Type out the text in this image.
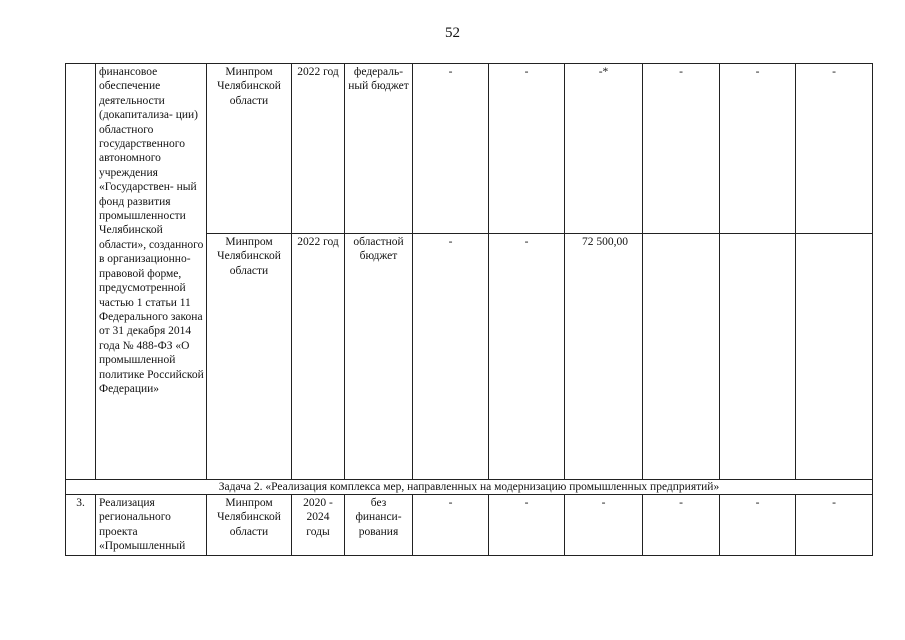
52
	финансовое обеспечение деятельности (докапитализа- ции) областного государственного автономного учреждения «Государствен- ный фонд развития промышленности Челябинской области», созданного в организационно- правовой форме, предусмотренной частью 1 статьи 11 Федерального закона от 31 декабря 2014 года № 488-ФЗ «О промышленной политике Российской Федерации»	Минпром Челябинской области	2022 год	федераль- ный бюджет	-	-	-*	-	-	-
		Минпром Челябинской области	2022 год	областной бюджет	-	-	72 500,00			
Задача 2. «Реализация комплекса мер, направленных на модернизацию промышленных предприятий»										
3.	Реализация регионального проекта «Промышленный	Минпром Челябинской области	2020 - 2024 годы	без финанси- рования	-	-	-	-	-	-
